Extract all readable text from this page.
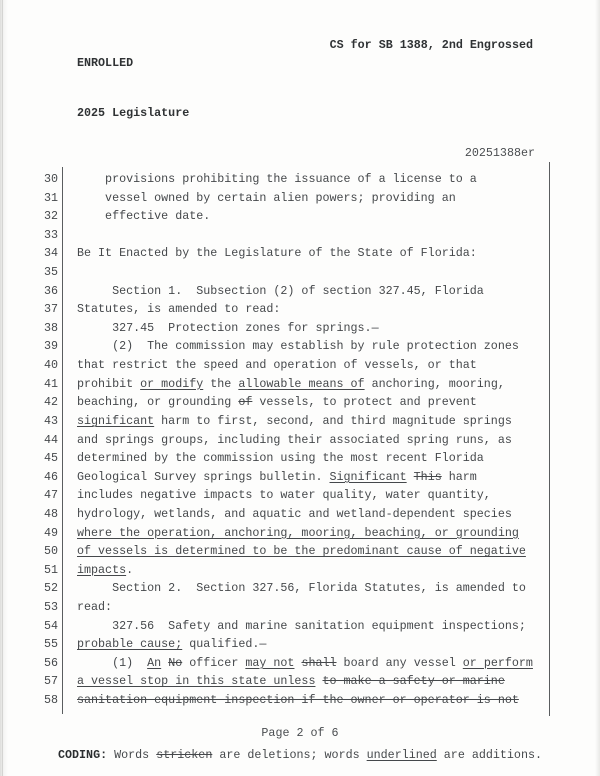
ENROLLED

2025 Legislature

CS for SB 1388, 2nd Engrossed
20251388er
30 provisions prohibiting the issuance of a license to a
31 vessel owned by certain alien powers; providing an
32 effective date.
33
34 Be It Enacted by the Legislature of the State of Florida:
35
36 Section 1.  Subsection (2) of section 327.45, Florida
37 Statutes, is amended to read:
38 327.45  Protection zones for springs.—
39 (2)  The commission may establish by rule protection zones
40 that restrict the speed and operation of vessels, or that
41 prohibit or modify the allowable means of anchoring, mooring,
42 beaching, or grounding of vessels, to protect and prevent
43 significant harm to first, second, and third magnitude springs
44 and springs groups, including their associated spring runs, as
45 determined by the commission using the most recent Florida
46 Geological Survey springs bulletin. Significant This harm
47 includes negative impacts to water quality, water quantity,
48 hydrology, wetlands, and aquatic and wetland-dependent species
49 where the operation, anchoring, mooring, beaching, or grounding
50 of vessels is determined to be the predominant cause of negative
51 impacts.
52 Section 2.  Section 327.56, Florida Statutes, is amended to
53 read:
54 327.56  Safety and marine sanitation equipment inspections;
55 probable cause; qualified.—
56 (1)  An No officer may not shall board any vessel or perform
57 a vessel stop in this state unless to make a safety or marine
58 sanitation equipment inspection if the owner or operator is not
Page 2 of 6
CODING: Words stricken are deletions; words underlined are additions.
